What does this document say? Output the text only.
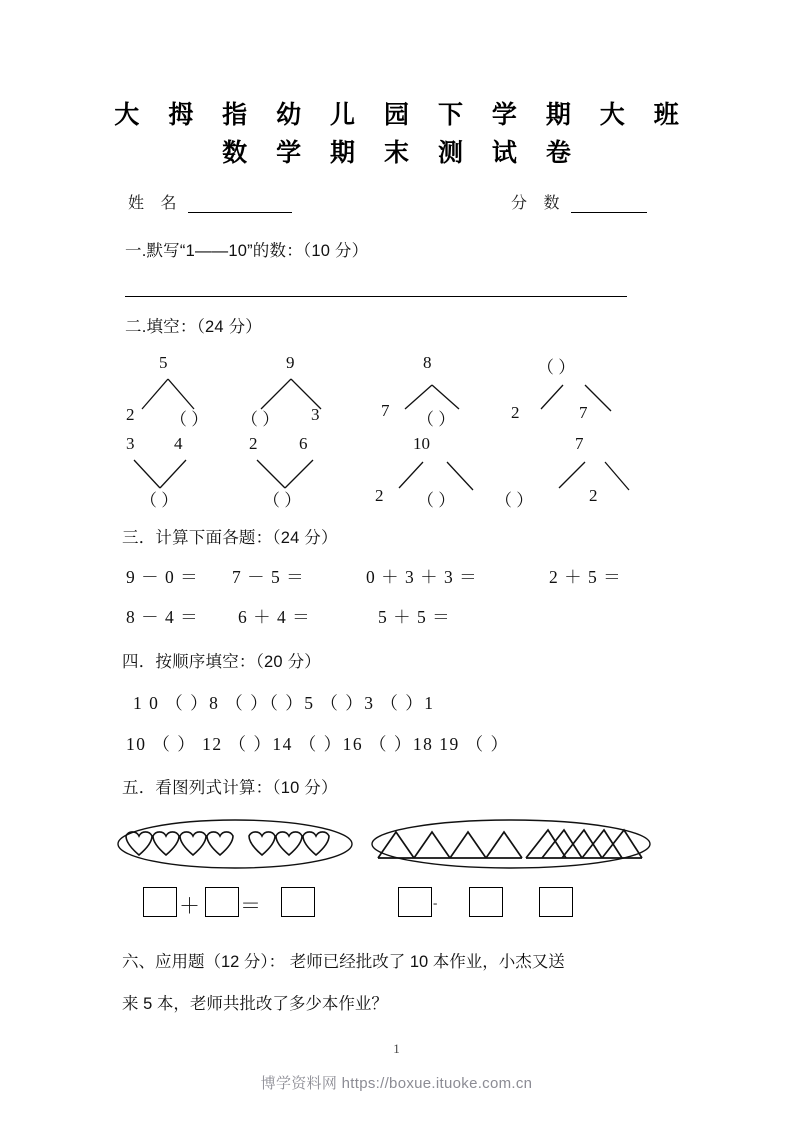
大 拇 指 幼 儿 园 下 学 期 大 班
数 学 期 末 测 试 卷
姓 名	分 数
一.默写“1——10”的数：（10 分）
二.填空：（24 分）
5
2 （ ）
9
（ ） 3
8
7 （ ）
（ ）
2	7
3 4
（ ）
2 6
（ ）
10
2 （ ）
7
（ ）	2
三．计算下面各题：（24 分）
9 － 0 ＝ 7 － 5 ＝	0 ＋ 3 ＋ 3 ＝	2 ＋ 5 ＝
8 － 4 ＝ 6 ＋ 4 ＝	5 ＋ 5 ＝
四．按顺序填空：（20 分）
1 0 （ ）8 （ ）（ ）5 （ ）3 （ ）1
10 （ ） 12 （ ）14 （ ）16 （ ）18 19 （ ）
五．看图列式计算：（10 分）
＋ ＝	-
六、应用题（12 分）： 老师已经批改了 10 本作业，小杰又送
来 5 本，老师共批改了多少本作业？
1
博学资料网 https://boxue.ituoke.com.cn
